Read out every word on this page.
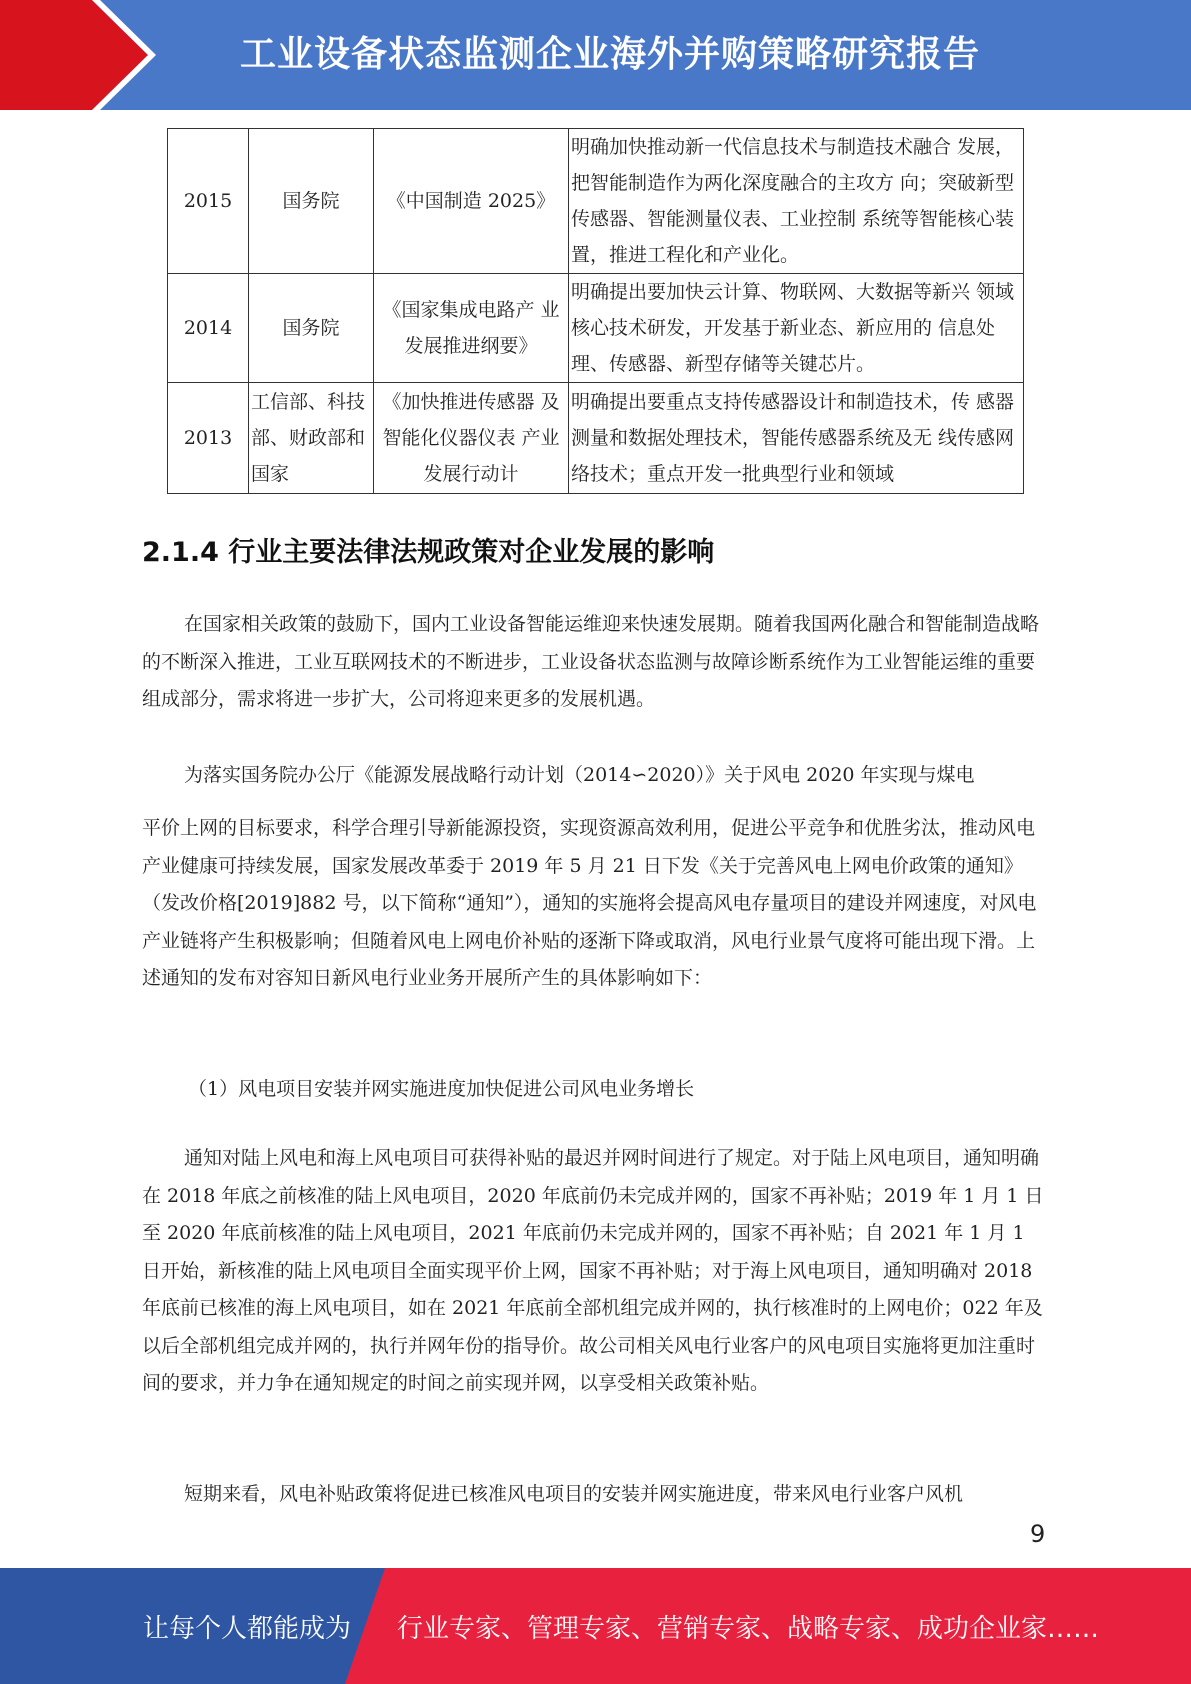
工业设备状态监测企业海外并购策略研究报告
2015	国务院	《中国制造 2025》	明确加快推动新一代信息技术与制造技术融合 发展，把智能制造作为两化深度融合的主攻方 向；突破新型传感器、智能测量仪表、工业控制 系统等智能核心装置，推进工程化和产业化。
2014	国务院	《国家集成电路产 业发展推进纲要》	明确提出要加快云计算、物联网、大数据等新兴 领域核心技术研发，开发基于新业态、新应用的 信息处理、传感器、新型存储等关键芯片。
2013	工信部、科技部、财政部和国家	《加快推进传感器 及智能化仪器仪表 产业发展行动计	明确提出要重点支持传感器设计和制造技术，传 感器测量和数据处理技术，智能传感器系统及无 线传感网络技术；重点开发一批典型行业和领域
2.1.4 行业主要法律法规政策对企业发展的影响

在国家相关政策的鼓励下，国内工业设备智能运维迎来快速发展期。随着我国两化融合和智能制造战略的不断深入推进，工业互联网技术的不断进步，工业设备状态监测与故障诊断系统作为工业智能运维的重要组成部分，需求将进一步扩大，公司将迎来更多的发展机遇。

为落实国务院办公厅《能源发展战略行动计划（2014∽2020）》关于风电 2020 年实现与煤电

平价上网的目标要求，科学合理引导新能源投资，实现资源高效利用，促进公平竞争和优胜劣汰，推动风电产业健康可持续发展，国家发展改革委于 2019 年 5 月 21 日下发《关于完善风电上网电价政策的通知》（发改价格[2019]882 号，以下简称“通知”），通知的实施将会提高风电存量项目的建设并网速度，对风电产业链将产生积极影响；但随着风电上网电价补贴的逐渐下降或取消，风电行业景气度将可能出现下滑。上述通知的发布对容知日新风电行业业务开展所产生的具体影响如下：

（1）风电项目安装并网实施进度加快促进公司风电业务增长

通知对陆上风电和海上风电项目可获得补贴的最迟并网时间进行了规定。对于陆上风电项目，通知明确在 2018 年底之前核准的陆上风电项目，2020 年底前仍未完成并网的，国家不再补贴；2019 年 1 月 1 日至 2020 年底前核准的陆上风电项目，2021 年底前仍未完成并网的，国家不再补贴；自 2021 年 1 月 1 日开始，新核准的陆上风电项目全面实现平价上网，国家不再补贴；对于海上风电项目，通知明确对 2018 年底前已核准的海上风电项目，如在 2021 年底前全部机组完成并网的，执行核准时的上网电价；022 年及以后全部机组完成并网的，执行并网年份的指导价。故公司相关风电行业客户的风电项目实施将更加注重时间的要求，并力争在通知规定的时间之前实现并网，以享受相关政策补贴。

短期来看，风电补贴政策将促进已核准风电项目的安装并网实施进度，带来风电行业客户风机

9
让每个人都能成为 行业专家、管理专家、营销专家、战略专家、成功企业家……
